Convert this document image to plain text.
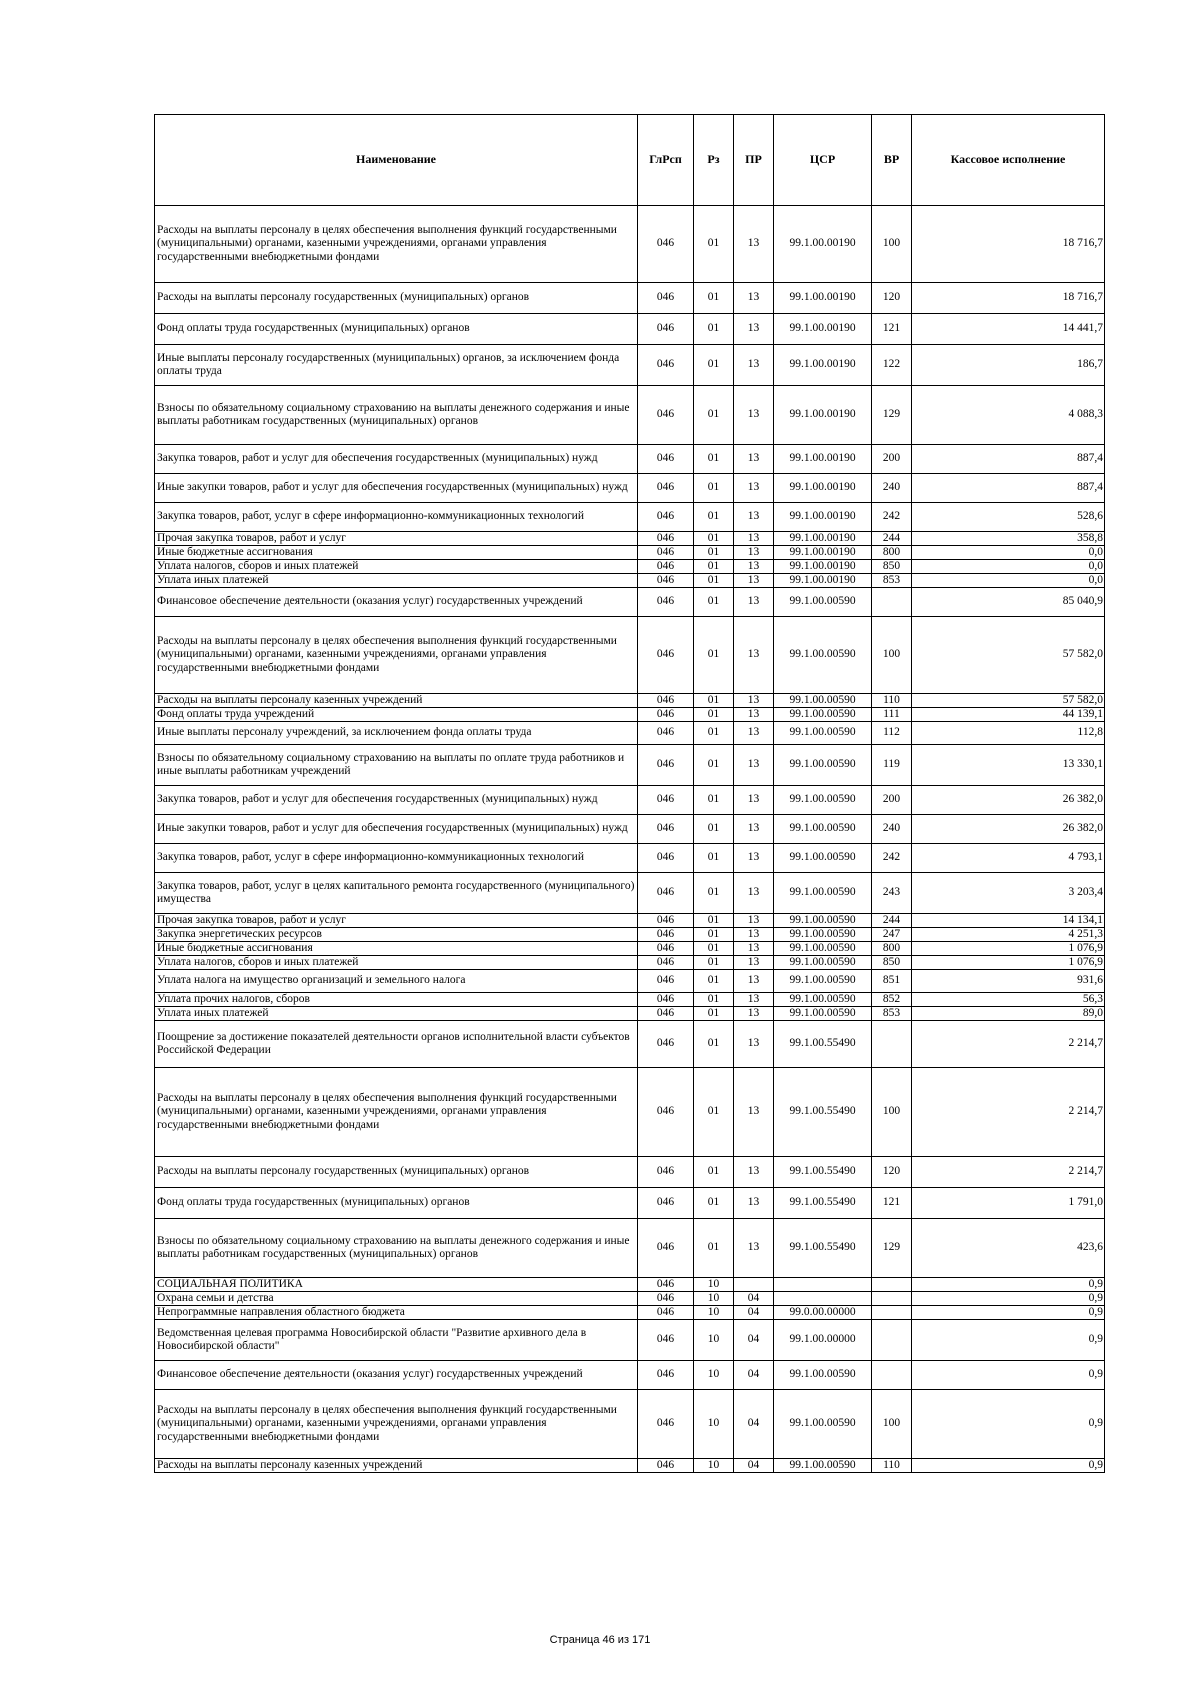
Наименование	ГлРсп	Рз	ПР	ЦСР	ВР	Кассовое исполнение
Расходы на выплаты персоналу в целях обеспечения выполнения функций государственными (муниципальными) органами, казенными учреждениями, органами управления государственными внебюджетными фондами	046	01	13	99.1.00.00190	100	18 716,7
Расходы на выплаты персоналу государственных (муниципальных) органов	046	01	13	99.1.00.00190	120	18 716,7
Фонд оплаты труда государственных (муниципальных) органов	046	01	13	99.1.00.00190	121	14 441,7
Иные выплаты персоналу государственных (муниципальных) органов, за исключением фонда оплаты труда	046	01	13	99.1.00.00190	122	186,7
Взносы по обязательному социальному страхованию на выплаты денежного содержания и иные выплаты работникам государственных (муниципальных) органов	046	01	13	99.1.00.00190	129	4 088,3
Закупка товаров, работ и услуг для обеспечения государственных (муниципальных) нужд	046	01	13	99.1.00.00190	200	887,4
Иные закупки товаров, работ и услуг для обеспечения государственных (муниципальных) нужд	046	01	13	99.1.00.00190	240	887,4
Закупка товаров, работ, услуг в сфере информационно-коммуникационных технологий	046	01	13	99.1.00.00190	242	528,6
Прочая закупка товаров, работ и услуг	046	01	13	99.1.00.00190	244	358,8
Иные бюджетные ассигнования	046	01	13	99.1.00.00190	800	0,0
Уплата налогов, сборов и иных платежей	046	01	13	99.1.00.00190	850	0,0
Уплата иных платежей	046	01	13	99.1.00.00190	853	0,0
Финансовое обеспечение деятельности (оказания услуг) государственных учреждений	046	01	13	99.1.00.00590		85 040,9
Расходы на выплаты персоналу в целях обеспечения выполнения функций государственными (муниципальными) органами, казенными учреждениями, органами управления государственными внебюджетными фондами	046	01	13	99.1.00.00590	100	57 582,0
Расходы на выплаты персоналу казенных учреждений	046	01	13	99.1.00.00590	110	57 582,0
Фонд оплаты труда учреждений	046	01	13	99.1.00.00590	111	44 139,1
Иные выплаты персоналу учреждений, за исключением фонда оплаты труда	046	01	13	99.1.00.00590	112	112,8
Взносы по обязательному социальному страхованию на выплаты по оплате труда работников и иные выплаты работникам учреждений	046	01	13	99.1.00.00590	119	13 330,1
Закупка товаров, работ и услуг для обеспечения государственных (муниципальных) нужд	046	01	13	99.1.00.00590	200	26 382,0
Иные закупки товаров, работ и услуг для обеспечения государственных (муниципальных) нужд	046	01	13	99.1.00.00590	240	26 382,0
Закупка товаров, работ, услуг в сфере информационно-коммуникационных технологий	046	01	13	99.1.00.00590	242	4 793,1
Закупка товаров, работ, услуг в целях капитального ремонта государственного (муниципального) имущества	046	01	13	99.1.00.00590	243	3 203,4
Прочая закупка товаров, работ и услуг	046	01	13	99.1.00.00590	244	14 134,1
Закупка энергетических ресурсов	046	01	13	99.1.00.00590	247	4 251,3
Иные бюджетные ассигнования	046	01	13	99.1.00.00590	800	1 076,9
Уплата налогов, сборов и иных платежей	046	01	13	99.1.00.00590	850	1 076,9
Уплата налога на имущество организаций и земельного налога	046	01	13	99.1.00.00590	851	931,6
Уплата прочих налогов, сборов	046	01	13	99.1.00.00590	852	56,3
Уплата иных платежей	046	01	13	99.1.00.00590	853	89,0
Поощрение за достижение показателей деятельности органов исполнительной власти субъектов Российской Федерации	046	01	13	99.1.00.55490		2 214,7
Расходы на выплаты персоналу в целях обеспечения выполнения функций государственными (муниципальными) органами, казенными учреждениями, органами управления государственными внебюджетными фондами	046	01	13	99.1.00.55490	100	2 214,7
Расходы на выплаты персоналу государственных (муниципальных) органов	046	01	13	99.1.00.55490	120	2 214,7
Фонд оплаты труда государственных (муниципальных) органов	046	01	13	99.1.00.55490	121	1 791,0
Взносы по обязательному социальному страхованию на выплаты денежного содержания и иные выплаты работникам государственных (муниципальных) органов	046	01	13	99.1.00.55490	129	423,6
СОЦИАЛЬНАЯ ПОЛИТИКА	046	10				0,9
Охрана семьи и детства	046	10	04			0,9
Непрограммные направления областного бюджета	046	10	04	99.0.00.00000		0,9
Ведомственная целевая программа Новосибирской области "Развитие архивного дела в Новосибирской области"	046	10	04	99.1.00.00000		0,9
Финансовое обеспечение деятельности (оказания услуг) государственных учреждений	046	10	04	99.1.00.00590		0,9
Расходы на выплаты персоналу в целях обеспечения выполнения функций государственными (муниципальными) органами, казенными учреждениями, органами управления государственными внебюджетными фондами	046	10	04	99.1.00.00590	100	0,9
Расходы на выплаты персоналу казенных учреждений	046	10	04	99.1.00.00590	110	0,9
Страница 46 из 171
